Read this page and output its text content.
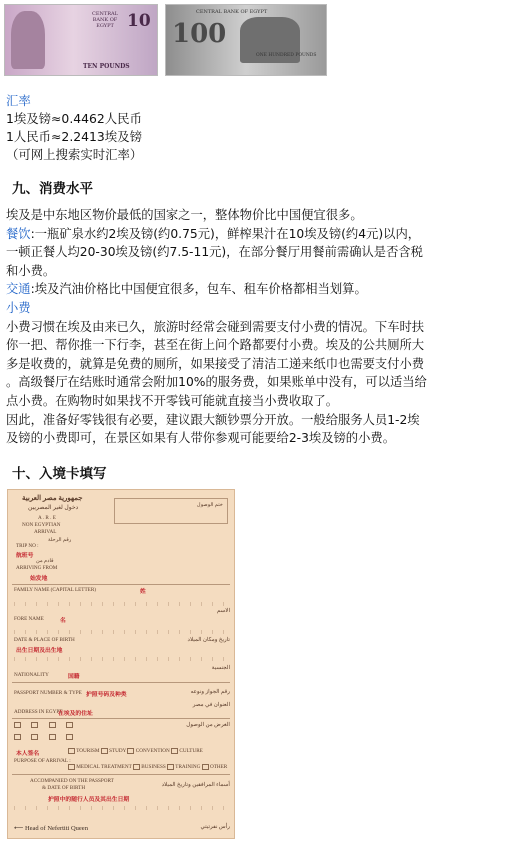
CENTRAL BANK OF EGYPT 10
TEN POUNDS
100
CENTRAL BANK OF EGYPT
ONE HUNDRED POUNDS
汇率
1埃及镑≈0.4462人民币
1人民币≈2.2413埃及镑
（可网上搜索实时汇率）
九、消费水平
埃及是中东地区物价最低的国家之一，整体物价比中国便宜很多。
餐饮:一瓶矿泉水约2埃及镑(约0.75元)，鲜榨果汁在10埃及镑(约4元)以内，
一顿正餐人均20-30埃及镑(约7.5-11元)，在部分餐厅用餐前需确认是否含税
和小费。
交通:埃及汽油价格比中国便宜很多，包车、租车价格都相当划算。
小费
小费习惯在埃及由来已久，旅游时经常会碰到需要支付小费的情况。下车时扶
你一把、帮你推一下行李，甚至在街上问个路都要付小费。埃及的公共厕所大
多是收费的，就算是免费的厕所，如果接受了清洁工递来纸巾也需要支付小费
。高级餐厅在结账时通常会附加10%的服务费，如果账单中没有，可以适当给
点小费。在购物时如果找不开零钱可能就直接当小费收取了。
因此，准备好零钱很有必要，建议跟大额钞票分开放。一般给服务人员1-2埃
及镑的小费即可，在景区如果有人带你参观可能要给2-3埃及镑的小费。
十、入境卡填写
جمهورية مصر العربية
دخول لغير المصريين
A . R . E
NON EGYPTIAN
ARRIVAL
ختم الوصول
رقم الرحلة
TRIP NO :
航班号
قادم من
ARRIVING FROM
始发地
FAMILY NAME (CAPITAL LETTER)	姓
الاسم
FORE NAME	名
DATE & PLACE OF BIRTH	تاريخ ومكان الميلاد
出生日期及出生地
الجنسية
NATIONALITY	国籍
PASSPORT NUMBER & TYPE 护照号码及种类	رقم الجواز ونوعه
العنوان في مصر
ADDRESS IN EGYPT
在埃及的住址

الغرض من الوصول

本人签名	TOURISM STUDY CONVENTION CULTURE
PURPOSE OF ARRIVAL :
MEDICAL TREATMENT BUSINESS TRAINING OTHER
ACCOMPANIED ON THE PASSPORT
& DATE OF BIRTH	أسماء المرافقين وتاريخ الميلاد
护照中的随行人员及其出生日期
⟵ Head of Nefertiti Queen	رأس نفرتيتي
